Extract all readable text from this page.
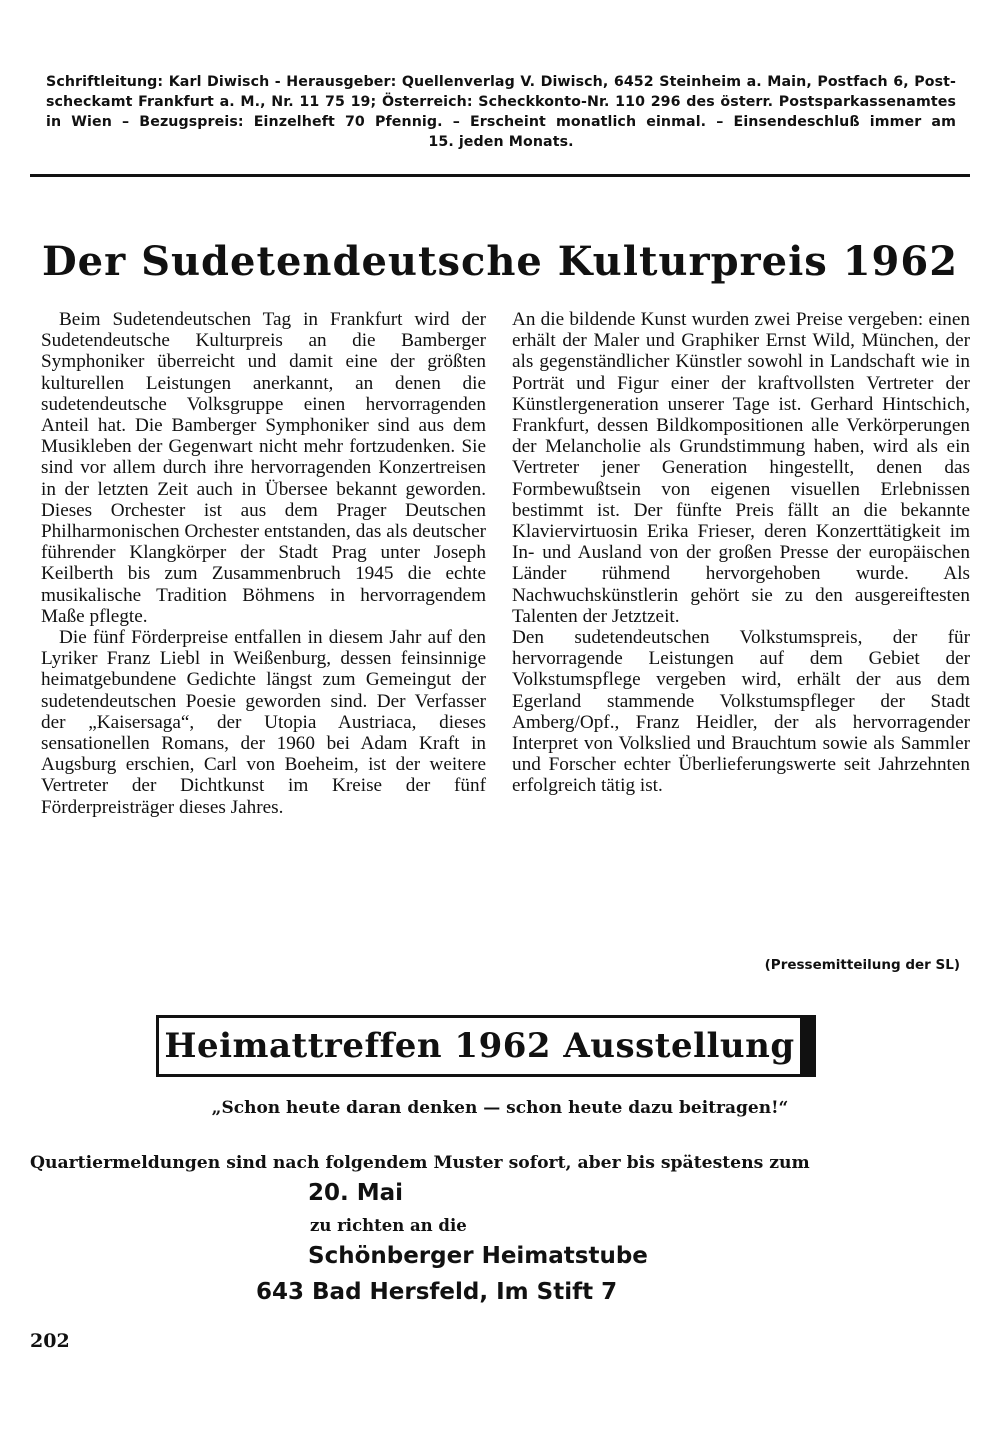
Schriftleitung: Karl Diwisch - Herausgeber: Quellenverlag V. Diwisch, 6452 Steinheim a. Main, Postfach 6, Post-
scheckamt Frankfurt a. M., Nr. 11 75 19; Österreich: Scheckkonto-Nr. 110 296 des österr. Postsparkassenamtes
in Wien – Bezugspreis: Einzelheft 70 Pfennig. – Erscheint monatlich einmal. – Einsendeschluß immer am
15. jeden Monats.
Der Sudetendeutsche Kulturpreis 1962

Beim Sudetendeutschen Tag in Frankfurt wird der Sudetendeutsche Kulturpreis an die Bamberger Symphoniker überreicht und damit eine der größten kulturellen Leistungen anerkannt, an denen die sudetendeutsche Volksgruppe einen hervorragenden Anteil hat. Die Bamberger Symphoniker sind aus dem Musikleben der Gegenwart nicht mehr fortzudenken. Sie sind vor allem durch ihre hervorragenden Konzertreisen in der letzten Zeit auch in Übersee bekannt geworden. Dieses Orchester ist aus dem Prager Deutschen Philharmonischen Orchester entstanden, das als deutscher führender Klangkörper der Stadt Prag unter Joseph Keilberth bis zum Zusammenbruch 1945 die echte musikalische Tradition Böhmens in hervorragendem Maße pflegte.

Die fünf Förderpreise entfallen in diesem Jahr auf den Lyriker Franz Liebl in Weißenburg, dessen feinsinnige heimatgebundene Gedichte längst zum Gemeingut der sudetendeutschen Poesie geworden sind. Der Verfasser der „Kaisersaga“, der Utopia Austriaca, dieses sensationellen Romans, der 1960 bei Adam Kraft in Augsburg erschien, Carl von Boeheim, ist der weitere Vertreter der Dichtkunst im Kreise der fünf Förderpreisträger dieses Jahres.

An die bildende Kunst wurden zwei Preise vergeben: einen erhält der Maler und Graphiker Ernst Wild, München, der als gegenständlicher Künstler sowohl in Landschaft wie in Porträt und Figur einer der kraftvollsten Vertreter der Künstlergeneration unserer Tage ist. Gerhard Hintschich, Frankfurt, dessen Bildkompositionen alle Verkörperungen der Melancholie als Grundstimmung haben, wird als ein Vertreter jener Generation hingestellt, denen das Formbewußtsein von eigenen visuellen Erlebnissen bestimmt ist. Der fünfte Preis fällt an die bekannte Klaviervirtuosin Erika Frieser, deren Konzerttätigkeit im In- und Ausland von der großen Presse der europäischen Länder rühmend hervorgehoben wurde. Als Nachwuchskünstlerin gehört sie zu den ausgereiftesten Talenten der Jetztzeit.

Den sudetendeutschen Volkstumspreis, der für hervorragende Leistungen auf dem Gebiet der Volkstumspflege vergeben wird, erhält der aus dem Egerland stammende Volkstumspfleger der Stadt Amberg/Opf., Franz Heidler, der als hervorragender Interpret von Volkslied und Brauchtum sowie als Sammler und Forscher echter Überlieferungswerte seit Jahrzehnten erfolgreich tätig ist.

(Pressemitteilung der SL)
Heimattreffen 1962 Ausstellung
„Schon heute daran denken — schon heute dazu beitragen!“
Quartiermeldungen sind nach folgendem Muster sofort, aber bis spätestens zum
20. Mai
zu richten an die
Schönberger Heimatstube
643 Bad Hersfeld, Im Stift 7
202
